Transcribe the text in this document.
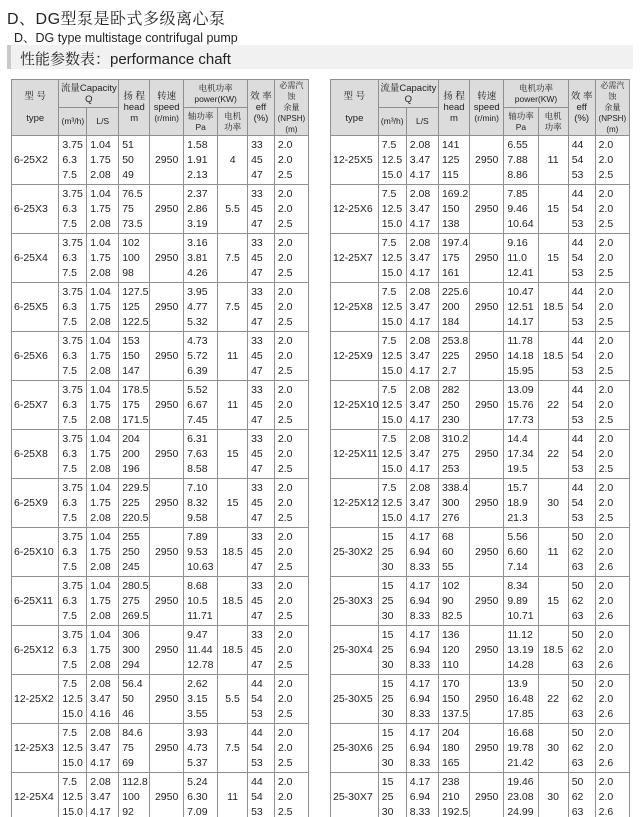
D、DG型泵是卧式多级离心泵
D、DG type multistage contrifugal pump
性能参数表：performance chaft
型 号

type	流量Capacity
Q		扬 程
head
m	转速
speed
(r/min)	电机功率power(KW)		效 率
eff
(%)	必需汽蚀
余量
(NPSH)
(m)
	(m³/h)	L/S			轴功率
Pa	电机
功率		
6-25X2	3.75
6.3
7.5	1.04
1.75
2.08	51
50
49	2950	1.58
1.91
2.13	4	33
45
47	2.0
2.0
2.5

6-25X3	3.75
6.3
7.5	1.04
1.75
2.08	76.5
75
73.5	2950	2.37
2.86
3.19	5.5	33
45
47	2.0
2.0
2.5

6-25X4	3.75
6.3
7.5	1.04
1.75
2.08	102
100
98	2950	3.16
3.81
4.26	7.5	33
45
47	2.0
2.0
2.5

6-25X5	3.75
6.3
7.5	1.04
1.75
2.08	127.5
125
122.5	2950	3.95
4.77
5.32	7.5	33
45
47	2.0
2.0
2.5

6-25X6	3.75
6.3
7.5	1.04
1.75
2.08	153
150
147	2950	4.73
5.72
6.39	11	33
45
47	2.0
2.0
2.5

6-25X7	3.75
6.3
7.5	1.04
1.75
2.08	178.5
175
171.5	2950	5.52
6.67
7.45	11	33
45
47	2.0
2.0
2.5

6-25X8	3.75
6.3
7.5	1.04
1.75
2.08	204
200
196	2950	6.31
7.63
8.58	15	33
45
47	2.0
2.0
2.5

6-25X9	3.75
6.3
7.5	1.04
1.75
2.08	229.5
225
220.5	2950	7.10
8.32
9.58	15	33
45
47	2.0
2.0
2.5

6-25X10	3.75
6.3
7.5	1.04
1.75
2.08	255
250
245	2950	7.89
9.53
10.63	18.5	33
45
47	2.0
2.0
2.5

6-25X11	3.75
6.3
7.5	1.04
1.75
2.08	280.5
275
269.5	2950	8.68
10.5
11.71	18.5	33
45
47	2.0
2.0
2.5

6-25X12	3.75
6.3
7.5	1.04
1.75
2.08	306
300
294	2950	9.47
11.44
12.78	18.5	33
45
47	2.0
2.0
2.5

12-25X2	7.5
12.5
15.0	2.08
3.47
4.16	56.4
50
46	2950	2.62
3.15
3.55	5.5	44
54
53	2.0
2.0
2.5

12-25X3	7.5
12.5
15.0	2.08
3.47
4.17	84.6
75
69	2950	3.93
4.73
5.37	7.5	44
54
53	2.0
2.0
2.5

12-25X4	7.5
12.5
15.0	2.08
3.47
4.17	112.8
100
92	2950	5.24
6.30
7.09	11	44
54
53	2.0
2.0
2.5
型 号

type	流量Capacity
Q		扬 程
head
m	转速
speed
(r/min)	电机功率power(KW)		效 率
eff
(%)	必需汽蚀
余量
(NPSH)
(m)
	(m³/h)	L/S			轴功率
Pa	电机
功率		
12-25X5	7.5
12.5
15.0	2.08
3.47
4.17	141
125
115	2950	6.55
7.88
8.86	11	44
54
53	2.0
2.0
2.5

12-25X6	7.5
12.5
15.0	2.08
3.47
4.17	169.2
150
138	2950	7.85
9.46
10.64	15	44
54
53	2.0
2.0
2.5

12-25X7	7.5
12.5
15.0	2.08
3.47
4.17	197.4
175
161	2950	9.16
11.0
12.41	15	44
54
53	2.0
2.0
2.5

12-25X8	7.5
12.5
15.0	2.08
3.47
4.17	225.6
200
184	2950	10.47
12.51
14.17	18.5	44
54
53	2.0
2.0
2.5

12-25X9	7.5
12.5
15.0	2.08
3.47
4.17	253.8
225
2.7	2950	11.78
14.18
15.95	18.5	44
54
53	2.0
2.0
2.5

12-25X10	7.5
12.5
15.0	2.08
3.47
4.17	282
250
230	2950	13.09
15.76
17.73	22	44
54
53	2.0
2.0
2.5

12-25X11	7.5
12.5
15.0	2.08
3.47
4.17	310.2
275
253	2950	14.4
17.34
19.5	22	44
54
53	2.0
2.0
2.5

12-25X12	7.5
12.5
15.0	2.08
3.47
4.17	338.4
300
276	2950	15.7
18.9
21.3	30	44
54
53	2.0
2.0
2.5

25-30X2	15
25
30	4.17
6.94
8.33	68
60
55	2950	5.56
6.60
7.14	11	50
62
63	2.0
2.0
2.6

25-30X3	15
25
30	4.17
6.94
8.33	102
90
82.5	2950	8.34
9.89
10.71	15	50
62
63	2.0
2.0
2.6

25-30X4	15
25
30	4.17
6.94
8.33	136
120
110	2950	11.12
13.19
14.28	18.5	50
62
63	2.0
2.0
2.6

25-30X5	15
25
30	4.17
6.94
8.33	170
150
137.5	2950	13.9
16.48
17.85	22	50
62
63	2.0
2.0
2.6

25-30X6	15
25
30	4.17
6.94
8.33	204
180
165	2950	16.68
19.78
21.42	30	50
62
63	2.0
2.0
2.6

25-30X7	15
25
30	4.17
6.94
8.33	238
210
192.5	2950	19.46
23.08
24.99	30	50
62
63	2.0
2.0
2.6
